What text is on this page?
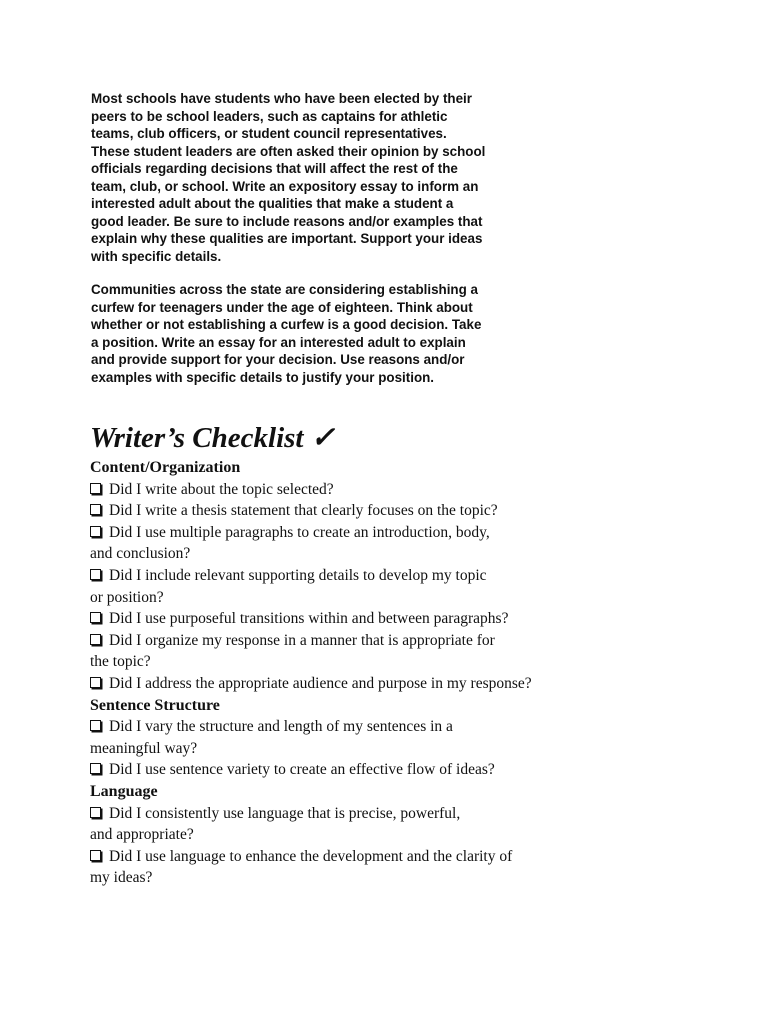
Most schools have students who have been elected by their
peers to be school leaders, such as captains for athletic
teams, club officers, or student council representatives.
These student leaders are often asked their opinion by school
officials regarding decisions that will affect the rest of the
team, club, or school. Write an expository essay to inform an
interested adult about the qualities that make a student a
good leader. Be sure to include reasons and/or examples that
explain why these qualities are important. Support your ideas
with specific details.

Communities across the state are considering establishing a
curfew for teenagers under the age of eighteen. Think about
whether or not establishing a curfew is a good decision. Take
a position. Write an essay for an interested adult to explain
and provide support for your decision. Use reasons and/or
examples with specific details to justify your position.

Writer’s Checklist ✓
Content/Organization
Did I write about the topic selected?
Did I write a thesis statement that clearly focuses on the topic?
Did I use multiple paragraphs to create an introduction, body,
and conclusion?
Did I include relevant supporting details to develop my topic
or position?
Did I use purposeful transitions within and between paragraphs?
Did I organize my response in a manner that is appropriate for
the topic?
Did I address the appropriate audience and purpose in my response?
Sentence Structure
Did I vary the structure and length of my sentences in a
meaningful way?
Did I use sentence variety to create an effective flow of ideas?
Language
Did I consistently use language that is precise, powerful,
and appropriate?
Did I use language to enhance the development and the clarity of
my ideas?
